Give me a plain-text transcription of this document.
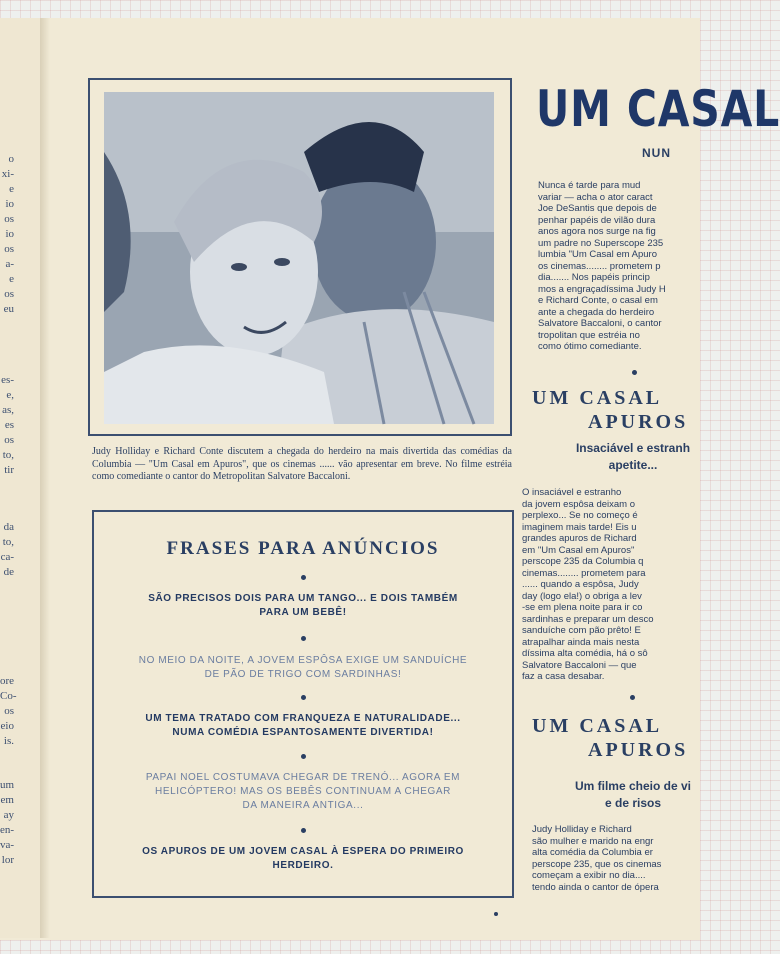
o
xi-
e
io
os
io
os
a-
e
os
eu
es-
e,
as,
es
os
to,
tir
da
to,
ca-
de
ore
Co-
os
eio
is.
um
em
ay
en-
va-
lor
Judy Holliday e Richard Conte discutem a chegada do herdeiro na mais divertida das comédias da Columbia — "Um Casal em Apuros", que os cinemas ...... vão apresentar em breve. No filme estréia como comediante o cantor do Metropolitan Salvatore Baccaloni.
FRASES PARA ANÚNCIOS
SÃO PRECISOS DOIS PARA UM TANGO... E DOIS TAMBÉM
PARA UM BEBÊ!
NO MEIO DA NOITE, A JOVEM ESPÔSA EXIGE UM SANDUÍCHE
DE PÃO DE TRIGO COM SARDINHAS!
UM TEMA TRATADO COM FRANQUEZA E NATURALIDADE...
NUMA COMÉDIA ESPANTOSAMENTE DIVERTIDA!
PAPAI NOEL COSTUMAVA CHEGAR DE TRENÓ... AGORA EM
HELICÓPTERO! MAS OS BEBÊS CONTINUAM A CHEGAR
DA MANEIRA ANTIGA...
OS APUROS DE UM JOVEM CASAL À ESPERA DO PRIMEIRO
HERDEIRO.
UM CASAL
NUN
Nunca é tarde para mud
variar — acha o ator caract
Joe DeSantis que depois de
penhar papéis de vilão dura
anos agora nos surge na fig
um padre no Superscope 235
lumbia "Um Casal em Apuro
os cinemas........ prometem p
dia....... Nos papéis princip
mos a engraçadíssima Judy H
e Richard Conte, o casal em
ante a chegada do herdeiro
Salvatore Baccaloni, o cantor
tropolitan que estréia no
como ótimo comediante.
UM CASAL
APUROS
Insaciável e estranh
apetite...
O insaciável e estranho
da jovem espôsa deixam o
perplexo... Se no começo é
imaginem mais tarde! Eis u
grandes apuros de Richard
em "Um Casal em Apuros"
perscope 235 da Columbia q
cinemas........ prometem para
...... quando a espôsa, Judy
day (logo ela!) o obriga a lev
-se em plena noite para ir co
sardinhas e preparar um desco
sanduíche com pão prêto! E
atrapalhar ainda mais nesta
díssima alta comédia, há o sô
Salvatore Baccaloni — que
faz a casa desabar.
UM CASAL
APUROS
Um filme cheio de vi
e de risos
Judy Holliday e Richard
são mulher e marido na engr
alta comédia da Columbia er
perscope 235, que os cinemas
começam a exibir no dia....
tendo ainda o cantor de ópera
